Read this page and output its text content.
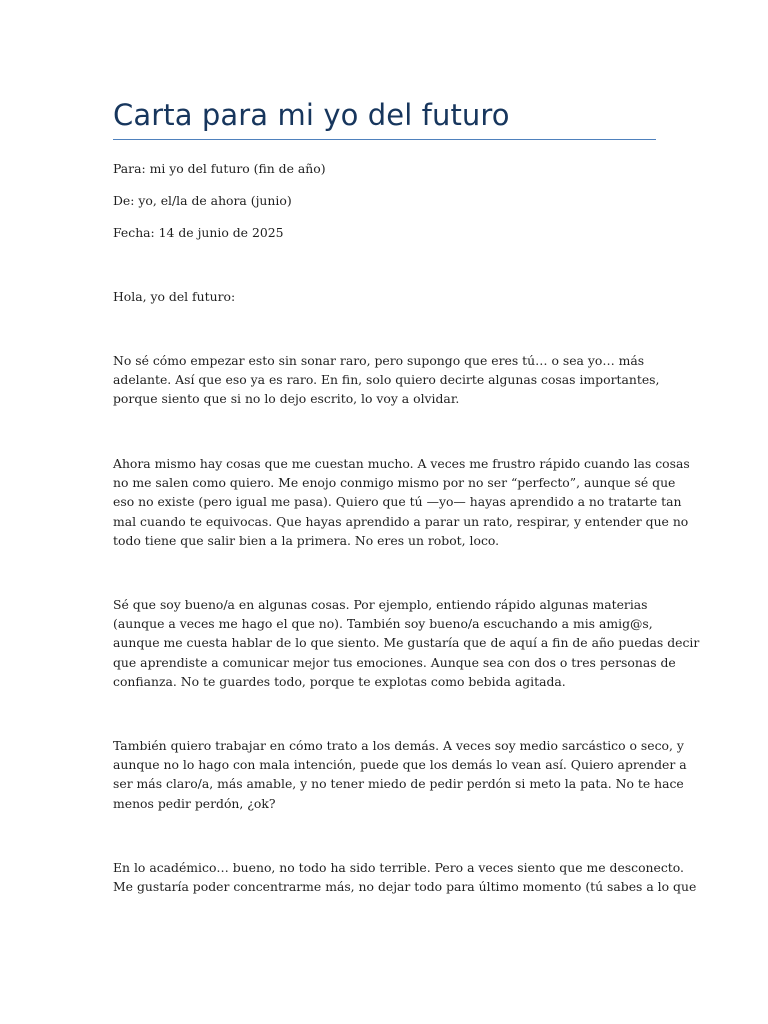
Carta para mi yo del futuro

Para: mi yo del futuro (fin de año)

De: yo, el/la de ahora (junio)

Fecha: 14 de junio de 2025

Hola, yo del futuro:

No sé cómo empezar esto sin sonar raro, pero supongo que eres tú… o sea yo… más
adelante. Así que eso ya es raro. En fin, solo quiero decirte algunas cosas importantes,
porque siento que si no lo dejo escrito, lo voy a olvidar.

Ahora mismo hay cosas que me cuestan mucho. A veces me frustro rápido cuando las cosas
no me salen como quiero. Me enojo conmigo mismo por no ser “perfecto”, aunque sé que
eso no existe (pero igual me pasa). Quiero que tú —yo— hayas aprendido a no tratarte tan
mal cuando te equivocas. Que hayas aprendido a parar un rato, respirar, y entender que no
todo tiene que salir bien a la primera. No eres un robot, loco.

Sé que soy bueno/a en algunas cosas. Por ejemplo, entiendo rápido algunas materias
(aunque a veces me hago el que no). También soy bueno/a escuchando a mis amig@s,
aunque me cuesta hablar de lo que siento. Me gustaría que de aquí a fin de año puedas decir
que aprendiste a comunicar mejor tus emociones. Aunque sea con dos o tres personas de
confianza. No te guardes todo, porque te explotas como bebida agitada.

También quiero trabajar en cómo trato a los demás. A veces soy medio sarcástico o seco, y
aunque no lo hago con mala intención, puede que los demás lo vean así. Quiero aprender a
ser más claro/a, más amable, y no tener miedo de pedir perdón si meto la pata. No te hace
menos pedir perdón, ¿ok?

En lo académico… bueno, no todo ha sido terrible. Pero a veces siento que me desconecto.
Me gustaría poder concentrarme más, no dejar todo para último momento (tú sabes a lo que
